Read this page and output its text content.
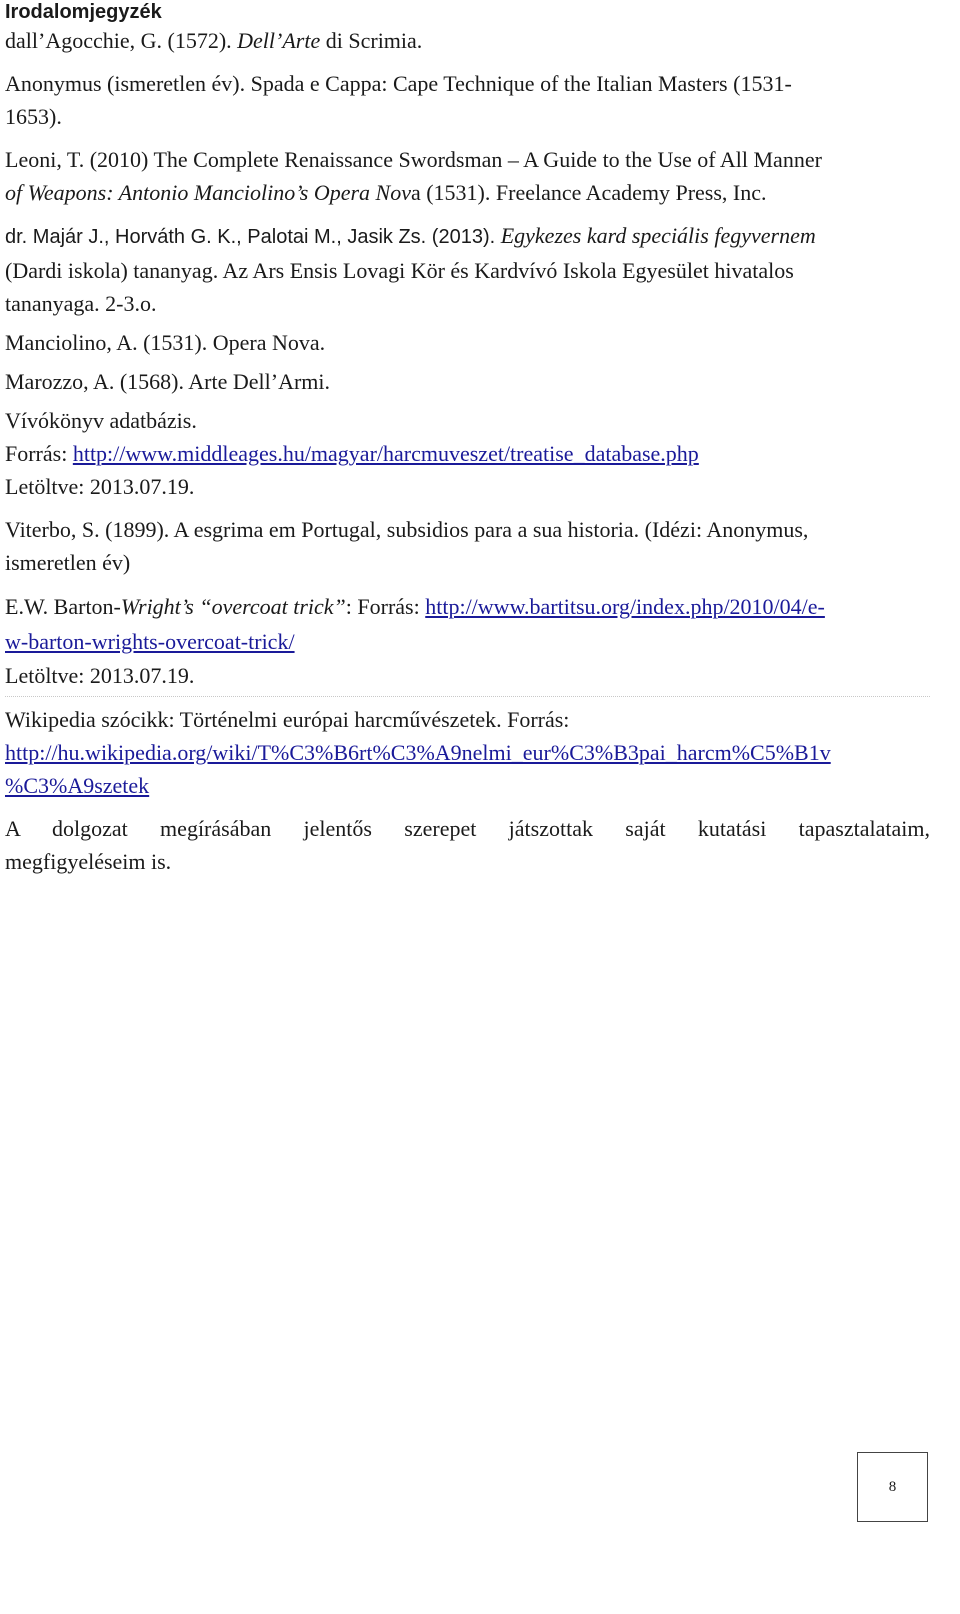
Irodalomjegyzék
dall’Agocchie, G. (1572). Dell’Arte di Scrimia.
Anonymus (ismeretlen év). Spada e Cappa: Cape Technique of the Italian Masters (1531-
1653).
Leoni, T. (2010) The Complete Renaissance Swordsman – A Guide to the Use of All Manner
of Weapons: Antonio Manciolino’s Opera Nova (1531). Freelance Academy Press, Inc.
dr. Majár J., Horváth G. K., Palotai M., Jasik Zs. (2013). Egykezes kard speciális fegyvernem
(Dardi iskola) tananyag. Az Ars Ensis Lovagi Kör és Kardvívó Iskola Egyesület hivatalos
tananyaga. 2-3.o.
Manciolino, A. (1531). Opera Nova.
Marozzo, A. (1568). Arte Dell’Armi.
Vívókönyv adatbázis.
Forrás: http://www.middleages.hu/magyar/harcmuveszet/treatise_database.php
Letöltve: 2013.07.19.
Viterbo, S. (1899). A esgrima em Portugal, subsidios para a sua historia. (Idézi: Anonymus,
ismeretlen év)
E.W. Barton-Wright’s “overcoat trick”: Forrás: http://www.bartitsu.org/index.php/2010/04/e-
w-barton-wrights-overcoat-trick/
Letöltve: 2013.07.19.
Wikipedia szócikk: Történelmi európai harcművészetek. Forrás:
http://hu.wikipedia.org/wiki/T%C3%B6rt%C3%A9nelmi_eur%C3%B3pai_harcm%C5%B1v
%C3%A9szetek
A dolgozat megírásában jelentős szerepet játszottak saját kutatási tapasztalataim,
megfigyeléseim is.
8
